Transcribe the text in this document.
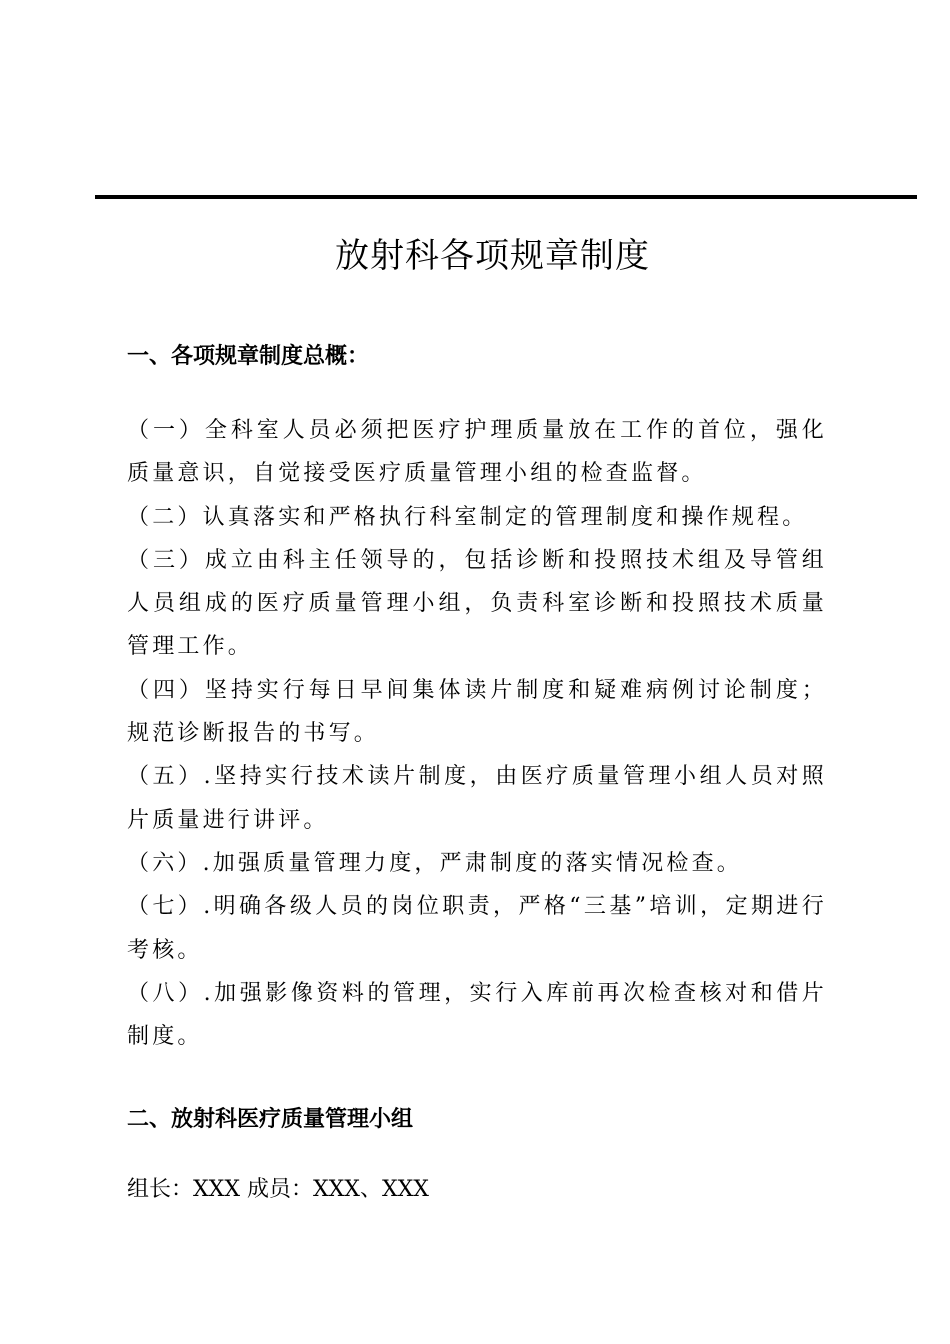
放射科各项规章制度
一、各项规章制度总概：
（一）全科室人员必须把医疗护理质量放在工作的首位，强化质量意识，自觉接受医疗质量管理小组的检查监督。
（二）认真落实和严格执行科室制定的管理制度和操作规程。
（三）成立由科主任领导的，包括诊断和投照技术组及导管组人员组成的医疗质量管理小组，负责科室诊断和投照技术质量管理工作。
（四）坚持实行每日早间集体读片制度和疑难病例讨论制度；规范诊断报告的书写。
（五）.坚持实行技术读片制度，由医疗质量管理小组人员对照片质量进行讲评。
（六）.加强质量管理力度，严肃制度的落实情况检查。
（七）.明确各级人员的岗位职责，严格“三基”培训，定期进行考核。
（八）.加强影像资料的管理，实行入库前再次检查核对和借片制度。
二、放射科医疗质量管理小组

组长：XXX 成员：XXX、XXX
